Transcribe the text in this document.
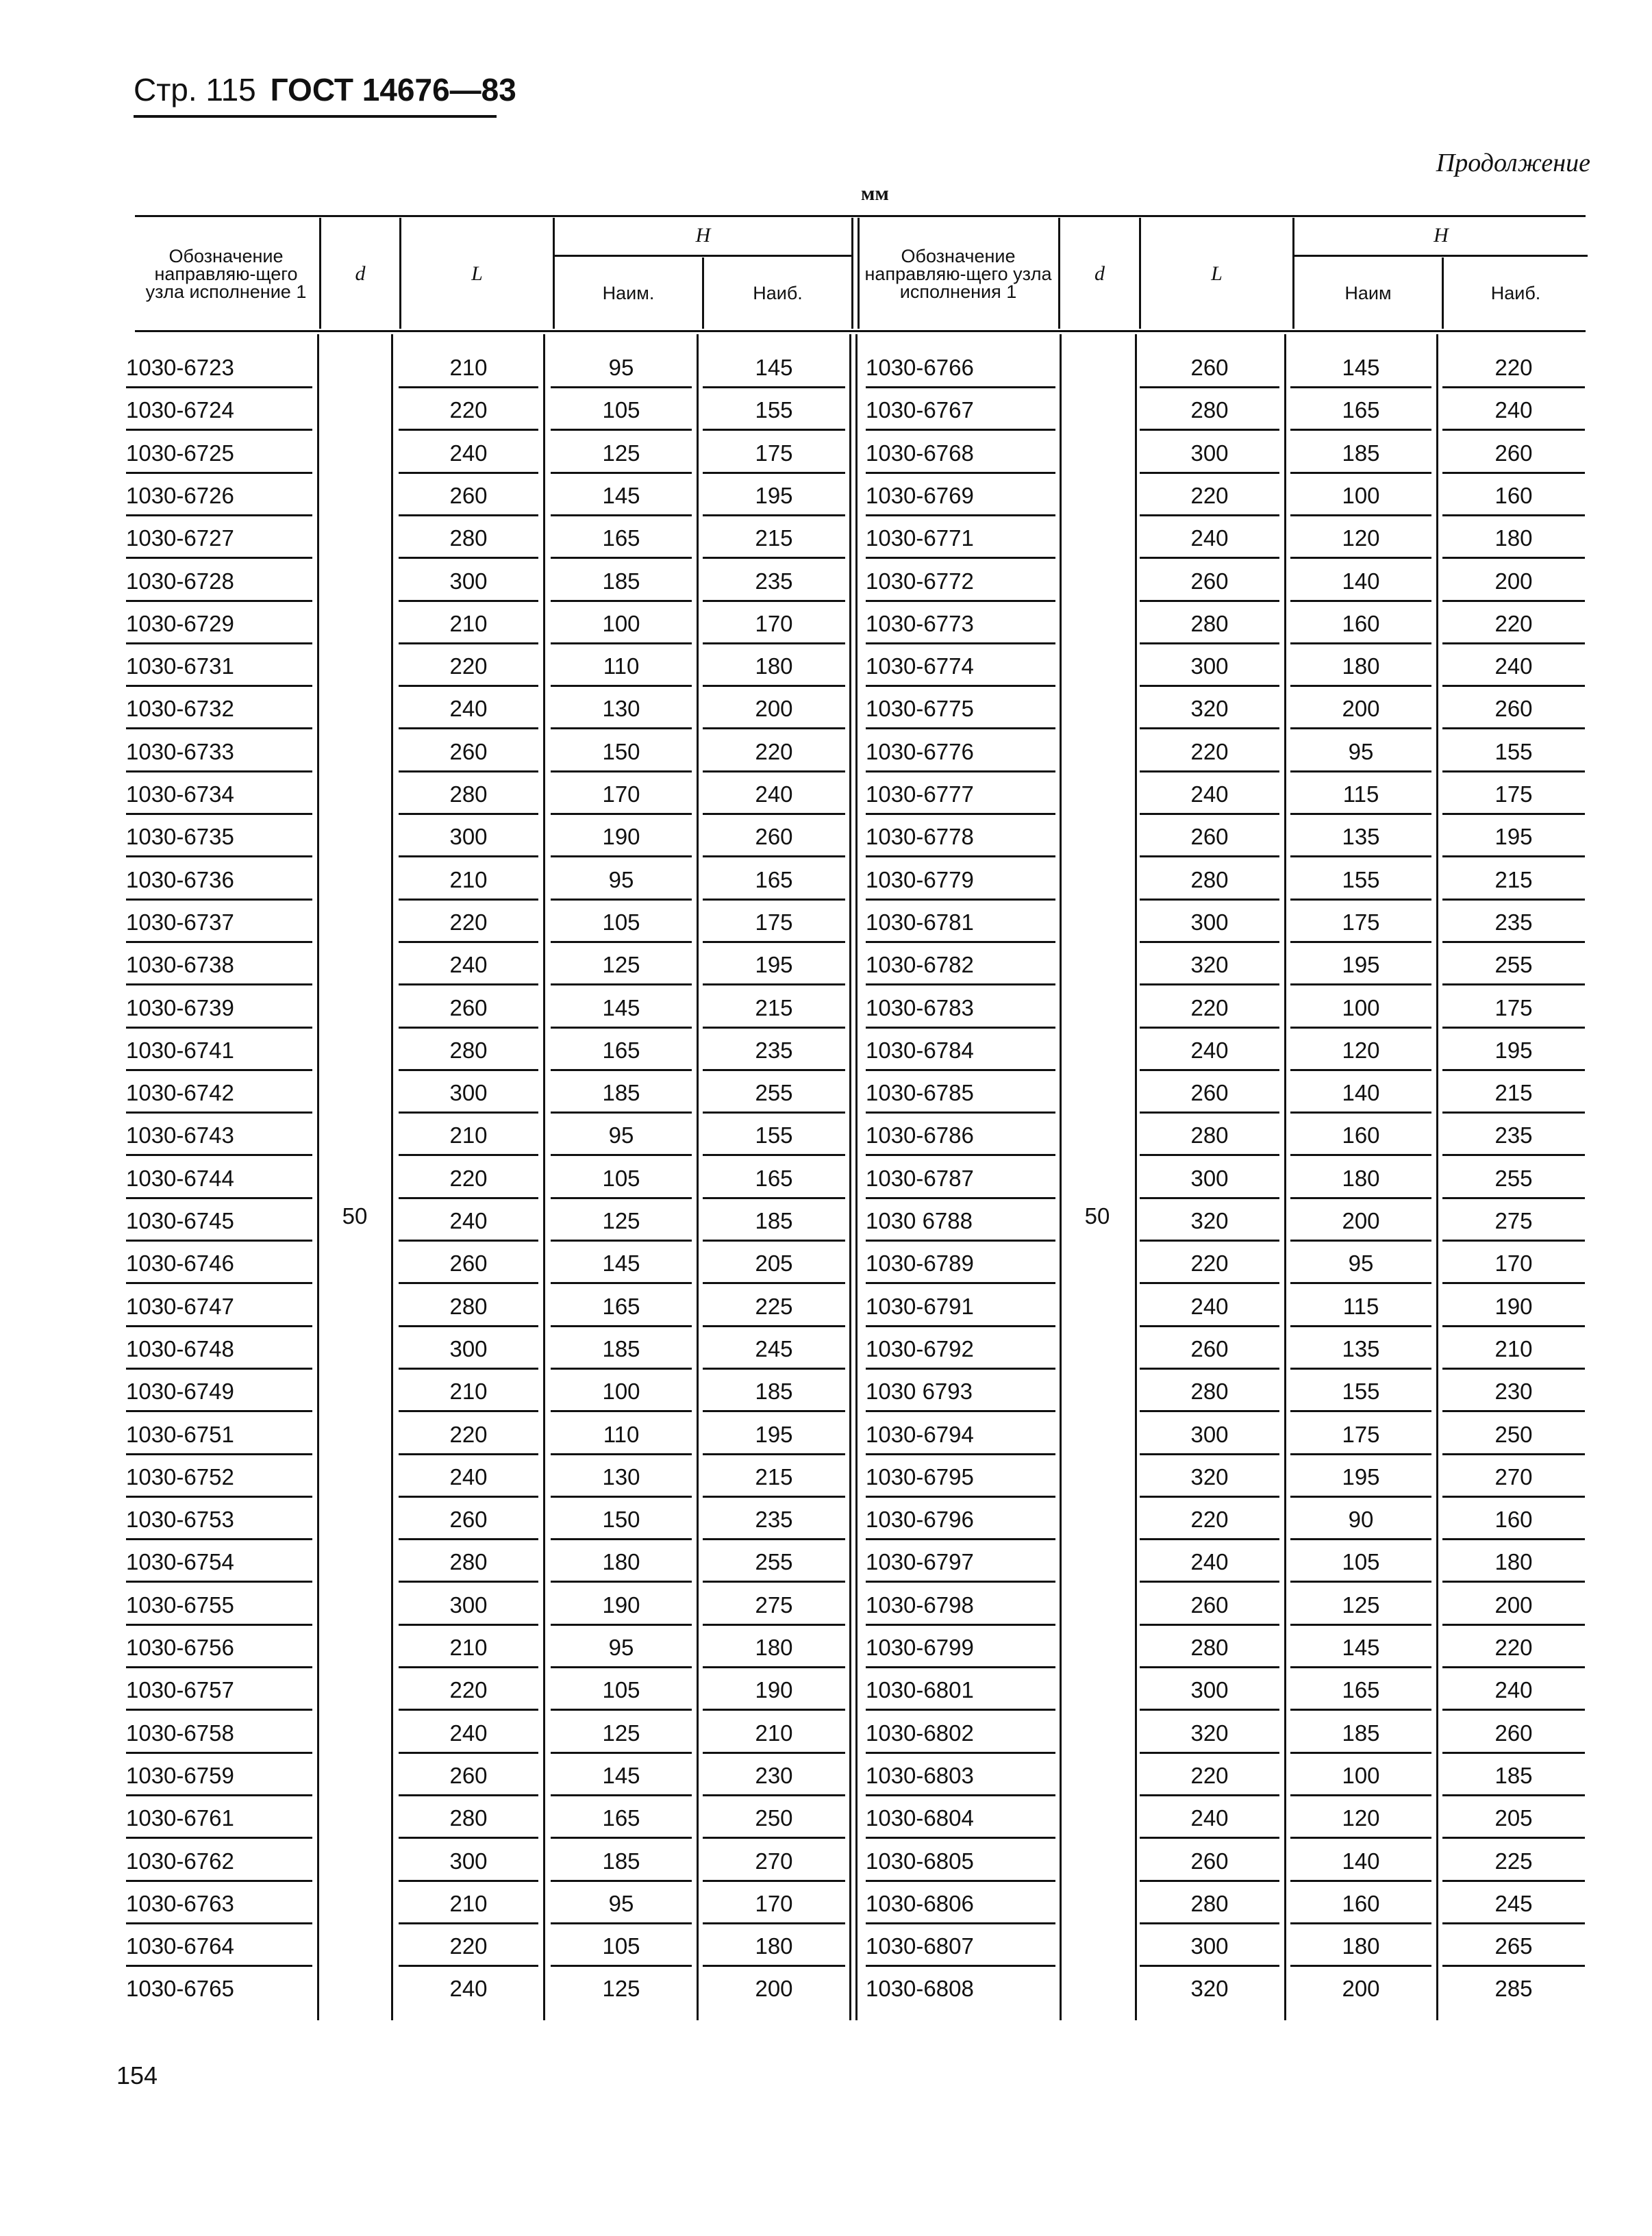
Стр. 115 ГОСТ 14676—83
Продолжение
мм
Обозначение направляю-щего узла исполнение 1
d	L
H
Наим.	Наиб.
Обозначение направляю-щего узла исполнения 1
d	L
H
Наим	Наиб.
50	50
1030-6723	210	95	145
1030-6724	220	105	155
1030-6725	240	125	175
1030-6726	260	145	195
1030-6727	280	165	215
1030-6728	300	185	235
1030-6729	210	100	170
1030-6731	220	110	180
1030-6732	240	130	200
1030-6733	260	150	220
1030-6734	280	170	240
1030-6735	300	190	260
1030-6736	210	95	165
1030-6737	220	105	175
1030-6738	240	125	195
1030-6739	260	145	215
1030-6741	280	165	235
1030-6742	300	185	255
1030-6743	210	95	155
1030-6744	220	105	165
1030-6745	240	125	185
1030-6746	260	145	205
1030-6747	280	165	225
1030-6748	300	185	245
1030-6749	210	100	185
1030-6751	220	110	195
1030-6752	240	130	215
1030-6753	260	150	235
1030-6754	280	180	255
1030-6755	300	190	275
1030-6756	210	95	180
1030-6757	220	105	190
1030-6758	240	125	210
1030-6759	260	145	230
1030-6761	280	165	250
1030-6762	300	185	270
1030-6763	210	95	170
1030-6764	220	105	180
1030-6765	240	125	200
1030-6766	260	145	220
1030-6767	280	165	240
1030-6768	300	185	260
1030-6769	220	100	160
1030-6771	240	120	180
1030-6772	260	140	200
1030-6773	280	160	220
1030-6774	300	180	240
1030-6775	320	200	260
1030-6776	220	95	155
1030-6777	240	115	175
1030-6778	260	135	195
1030-6779	280	155	215
1030-6781	300	175	235
1030-6782	320	195	255
1030-6783	220	100	175
1030-6784	240	120	195
1030-6785	260	140	215
1030-6786	280	160	235
1030-6787	300	180	255
1030 6788	320	200	275
1030-6789	220	95	170
1030-6791	240	115	190
1030-6792	260	135	210
1030 6793	280	155	230
1030-6794	300	175	250
1030-6795	320	195	270
1030-6796	220	90	160
1030-6797	240	105	180
1030-6798	260	125	200
1030-6799	280	145	220
1030-6801	300	165	240
1030-6802	320	185	260
1030-6803	220	100	185
1030-6804	240	120	205
1030-6805	260	140	225
1030-6806	280	160	245
1030-6807	300	180	265
1030-6808	320	200	285
154
